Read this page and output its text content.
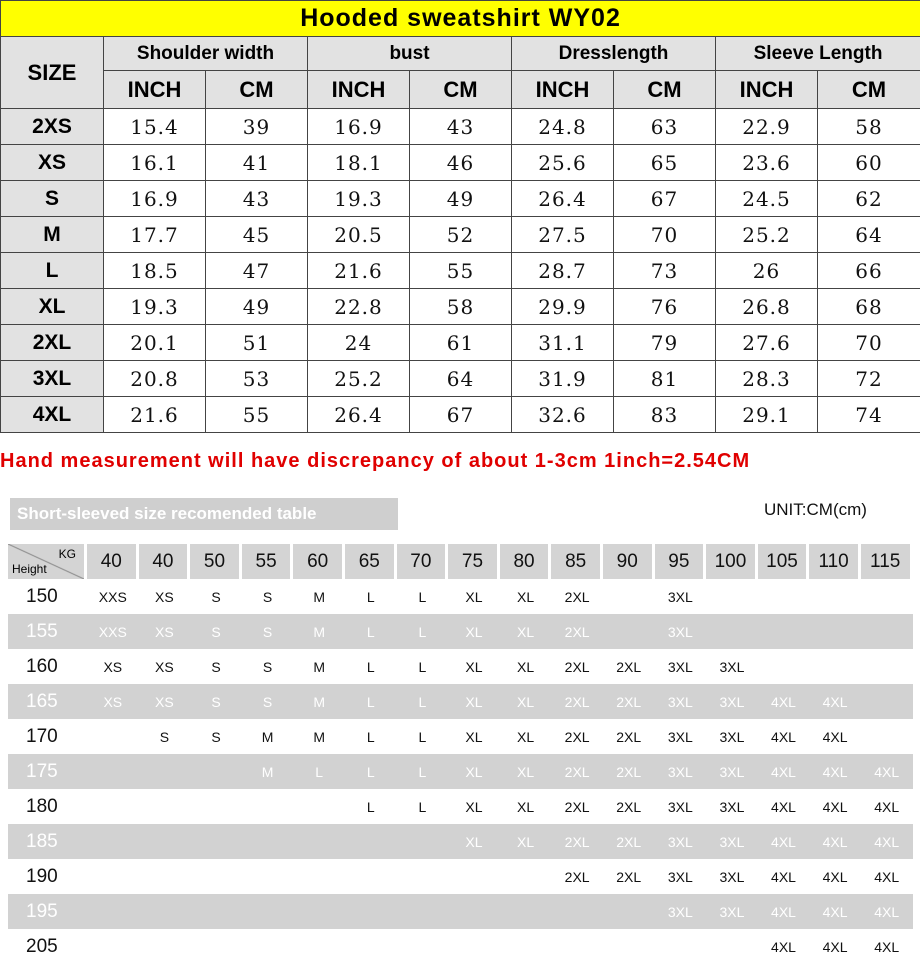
Hooded sweatshirt WY02								
SIZE	Shoulder width		bust		Dresslength		Sleeve Length	
	INCH	CM	INCH	CM	INCH	CM	INCH	CM
2XS	15.4	39	16.9	43	24.8	63	22.9	58
XS	16.1	41	18.1	46	25.6	65	23.6	60
S	16.9	43	19.3	49	26.4	67	24.5	62
M	17.7	45	20.5	52	27.5	70	25.2	64
L	18.5	47	21.6	55	28.7	73	26	66
XL	19.3	49	22.8	58	29.9	76	26.8	68
2XL	20.1	51	24	61	31.1	79	27.6	70
3XL	20.8	53	25.2	64	31.9	81	28.3	72
4XL	21.6	55	26.4	67	32.6	83	29.1	74
Hand measurement will have discrepancy of about 1-3cm 1inch=2.54CM
Short-sleeved size recomended table	UNIT:CM(cm)
KG
Height	40	40	50	55	60	65	70	75	80	85	90	95	100	105	110	115
150	XXS	XS	S	S	M	L	L	XL	XL	2XL		3XL				
155	XXS	XS	S	S	M	L	L	XL	XL	2XL		3XL				
160	XS	XS	S	S	M	L	L	XL	XL	2XL	2XL	3XL	3XL			
165	XS	XS	S	S	M	L	L	XL	XL	2XL	2XL	3XL	3XL	4XL	4XL	
170		S	S	M	M	L	L	XL	XL	2XL	2XL	3XL	3XL	4XL	4XL	
175				M	L	L	L	XL	XL	2XL	2XL	3XL	3XL	4XL	4XL	4XL
180						L	L	XL	XL	2XL	2XL	3XL	3XL	4XL	4XL	4XL
185								XL	XL	2XL	2XL	3XL	3XL	4XL	4XL	4XL
190										2XL	2XL	3XL	3XL	4XL	4XL	4XL
195												3XL	3XL	4XL	4XL	4XL
205														4XL	4XL	4XL
